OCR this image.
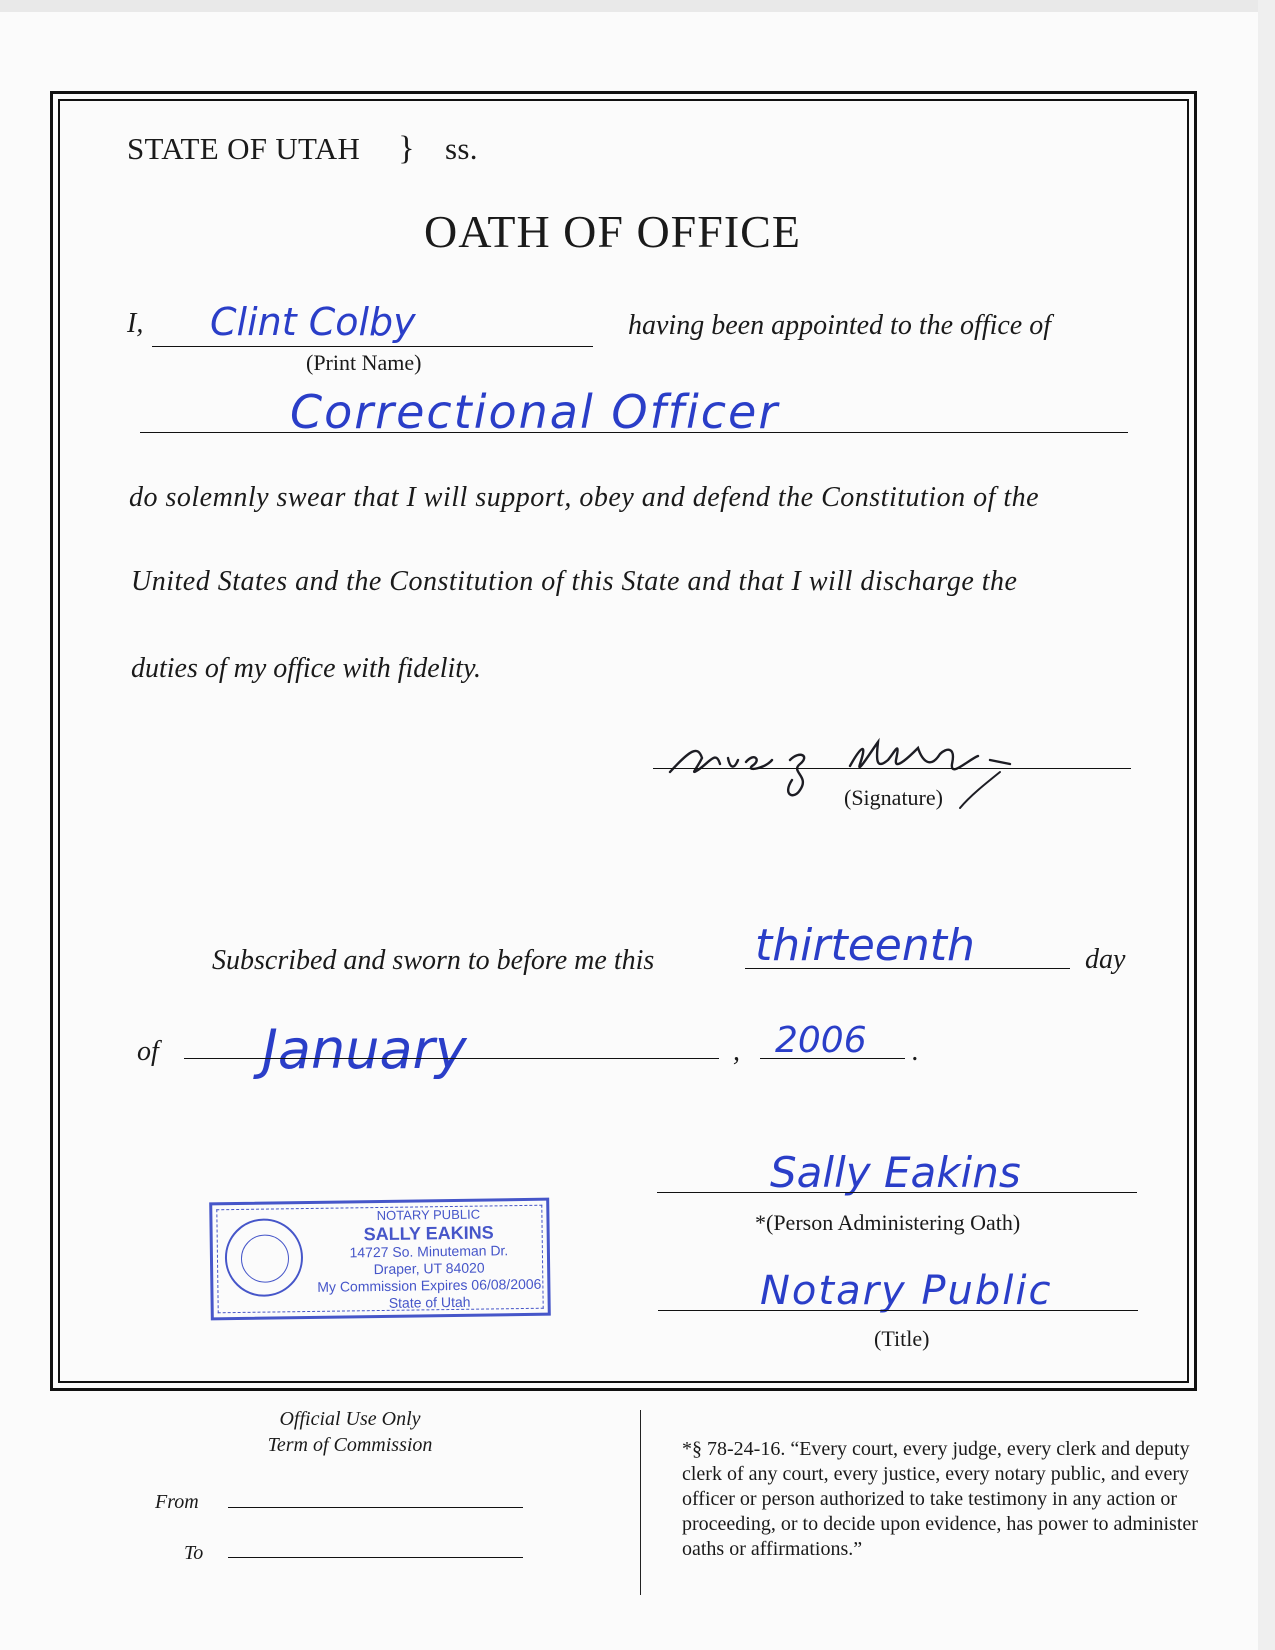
STATE OF UTAH } ss.
OATH OF OFFICE
I, Clint Colby
(Print Name)
having been appointed to the office of
Correctional Officer
do solemnly swear that I will support, obey and defend the Constitution of the
United States and the Constitution of this State and that I will discharge the
duties of my office with fidelity.
(Signature)
Subscribed and sworn to before me this thirteenth	day
of January	, 2006 .
NOTARY PUBLIC
SALLY EAKINS
14727 So. Minuteman Dr.
Draper, UT 84020
My Commission Expires 06/08/2006
State of Utah
Sally Eakins
*(Person Administering Oath)
Notary Public
(Title)
Official Use Only
Term of Commission
From
To
*§ 78-24-16. “Every court, every judge, every clerk and deputy clerk of any court, every justice, every notary public, and every officer or person authorized to take testimony in any action or proceeding, or to decide upon evidence, has power to administer oaths or affirmations.”
